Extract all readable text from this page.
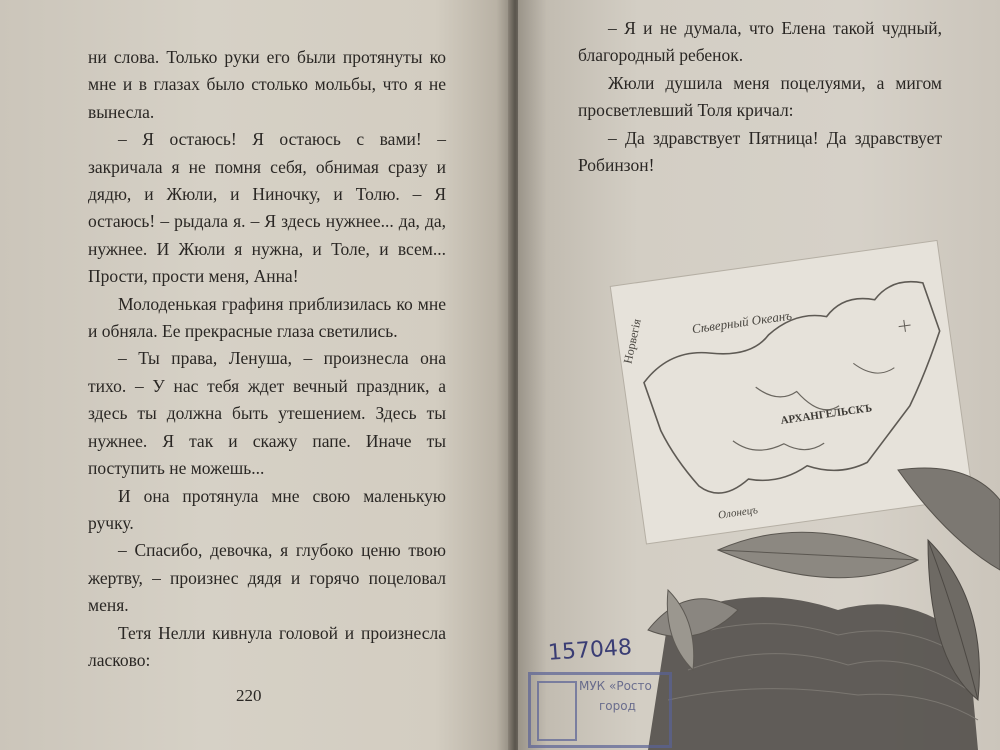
ни слова. Только руки его были протянуты ко мне и в глазах было столько мольбы, что я не вынесла.

– Я остаюсь! Я остаюсь с вами! – закричала я не помня себя, обнимая сразу и дядю, и Жюли, и Ниночку, и Толю. – Я остаюсь! – рыдала я. – Я здесь нужнее... да, да, нужнее. И Жюли я нужна, и Толе, и всем... Прости, прости меня, Анна!

Молоденькая графиня приблизилась ко мне и обняла. Ее прекрасные глаза светились.

– Ты права, Ленуша, – произнесла она тихо. – У нас тебя ждет вечный праздник, а здесь ты должна быть утешением. Здесь ты нужнее. Я так и скажу папе. Иначе ты поступить не можешь...

И она протянула мне свою маленькую ручку.

– Спасибо, девочка, я глубоко ценю твою жертву, – произнес дядя и горячо поцеловал меня.

Тетя Нелли кивнула головой и произнесла ласково:

220

– Я и не думала, что Елена такой чудный, благородный ребенок.

Жюли душила меня поцелуями, а мигом просветлевший Толя кричал:

– Да здравствует Пятница! Да здравствует Робинзон!

Норвегія	Сѣверный Океанъ
АРХАНГЕЛЬСКЪ
Олонецъ
157048
МУК «Росто
город
